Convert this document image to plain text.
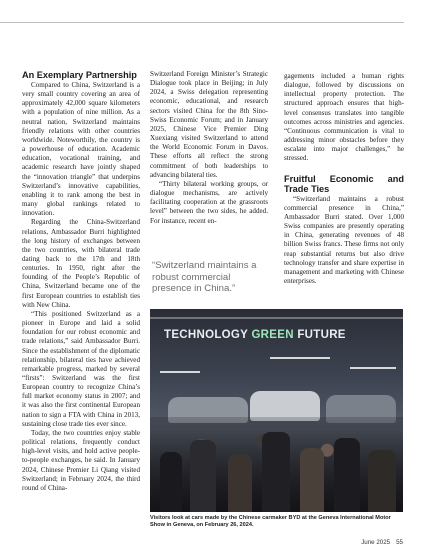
An Exemplary Partnership

Compared to China, Switzerland is a very small country covering an area of approximately 42,000 square kilometers with a population of nine million. As a neutral nation, Switzerland maintains friendly relations with other countries worldwide. Noteworthily, the country is a powerhouse of education. Academic education, vocational training, and academic research have jointly shaped the “innovation triangle” that underpins Switzerland’s innovative capabilities, enabling it to rank among the best in many global rankings related to innovation.

Regarding the China-Switzerland relations, Ambassador Burri highlighted the long history of exchanges between the two countries, with bilateral trade dating back to the 17th and 18th centuries. In 1950, right after the founding of the People’s Republic of China, Switzerland became one of the first European countries to establish ties with New China.

“This positioned Switzerland as a pioneer in Europe and laid a solid foundation for our robust economic and trade relations,” said Ambassador Burri. Since the establishment of the diplomatic relationship, bilateral ties have achieved remarkable progress, marked by several “firsts”: Switzerland was the first European country to recognize China’s full market economy status in 2007; and it was also the first continental European nation to sign a FTA with China in 2013, sustaining close trade ties ever since.

Today, the two countries enjoy stable political relations, frequently conduct high-level visits, and hold active people-to-people exchanges, he said. In January 2024, Chinese Premier Li Qiang visited Switzerland; in February 2024, the third round of China-

Switzerland Foreign Minister’s Strategic Dialogue took place in Beijing; in July 2024, a Swiss delegation representing economic, educational, and research sectors visited China for the 8th Sino-Swiss Economic Forum; and in January 2025, Chinese Vice Premier Ding Xuexiang visited Switzerland to attend the World Economic Forum in Davos. These efforts all reflect the strong commitment of both leaderships to advancing bilateral ties.

“Thirty bilateral working groups, or dialogue mechanisms, are actively facilitating cooperation at the grassroots level” between the two sides, he added. For instance, recent en-

“Switzerland maintains a robust commercial presence in China.”

gagements included a human rights dialogue, followed by discussions on intellectual property protection. The structured approach ensures that high-level consensus translates into tangible outcomes across ministries and agencies. “Continuous communication is vital to addressing minor obstacles before they escalate into major challenges,” he stressed.

Fruitful Economic and Trade Ties

“Switzerland maintains a robust commercial presence in China,” Ambassador Burri stated. Over 1,000 Swiss companies are presently operating in China, generating revenues of 48 billion Swiss francs. These firms not only reap substantial returns but also drive technology transfer and share expertise in management and marketing with Chinese enterprises.

TECHNOLOGY GREEN FUTURE
Visitors look at cars made by the Chinese carmaker BYD at the Geneva International Motor Show in Geneva, on February 26, 2024.
June 2025 55
